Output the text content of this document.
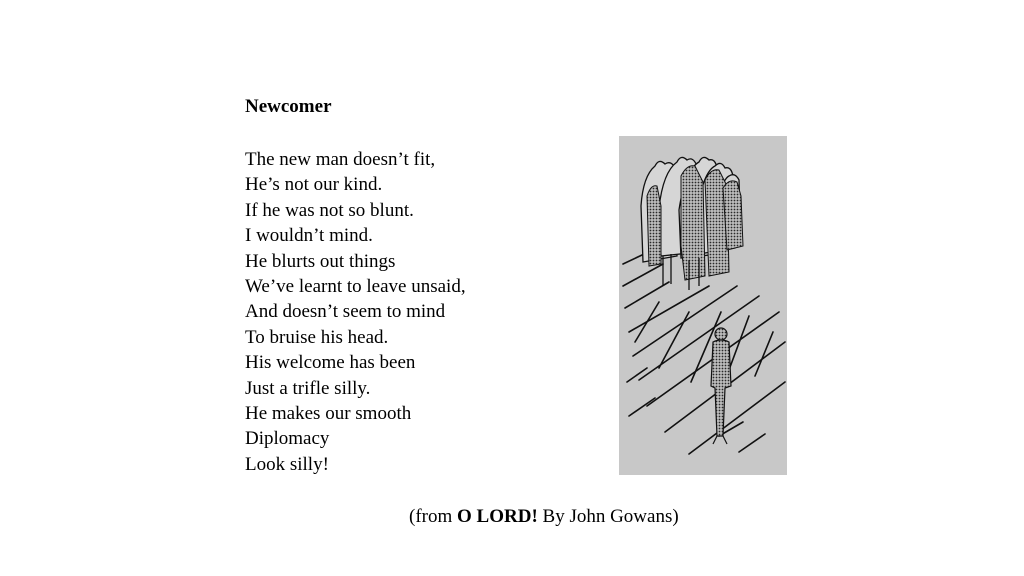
Newcomer
The new man doesn’t fit,
He’s not our kind.
If he was not so blunt.
I wouldn’t mind.
He blurts out things
We’ve learnt to leave unsaid,
And doesn’t seem to mind
To bruise his head.
His welcome has been
Just a trifle silly.
He makes our smooth
Diplomacy
Look silly!
(from O LORD! By John Gowans)
